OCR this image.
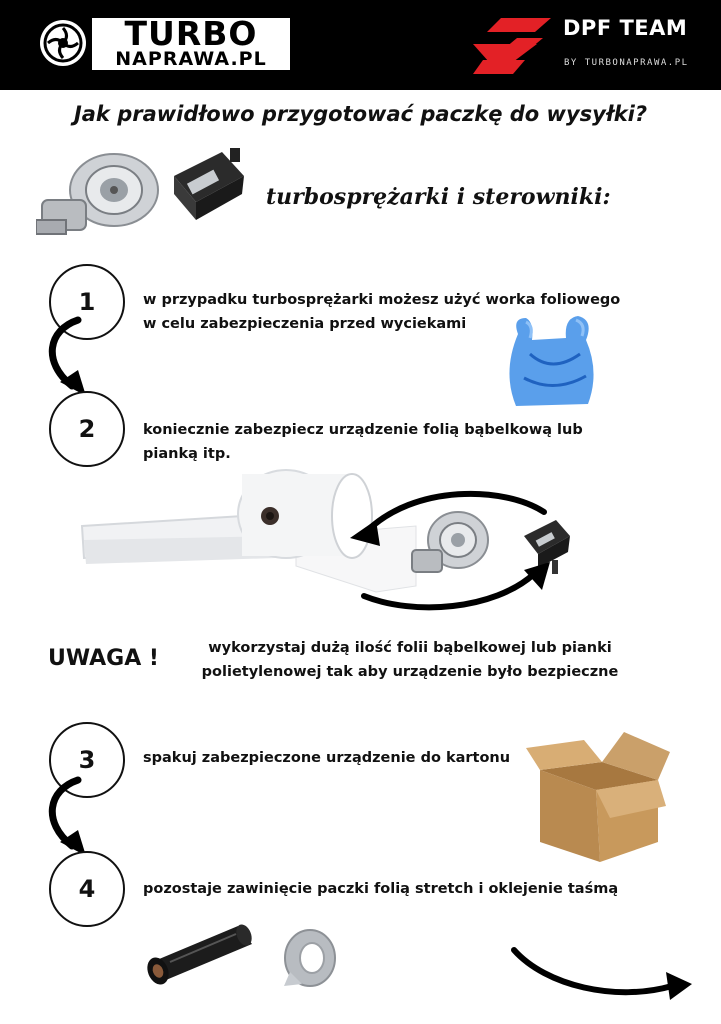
TURBO
NAPRAWA.PL
DPF TEAM
BY TURBONAPRAWA.PL
Jak prawidłowo przygotować paczkę do wysyłki?
turbosprężarki i sterowniki:
1	w przypadku turbosprężarki możesz użyć worka foliowego
w celu zabezpieczenia przed wyciekami
2	koniecznie zabezpiecz urządzenie folią bąbelkową lub
pianką itp.
UWAGA !	wykorzystaj dużą ilość folii bąbelkowej lub pianki
polietylenowej tak aby urządzenie było bezpieczne
3	spakuj zabezpieczone urządzenie do kartonu
4	pozostaje zawinięcie paczki folią stretch i oklejenie taśmą
